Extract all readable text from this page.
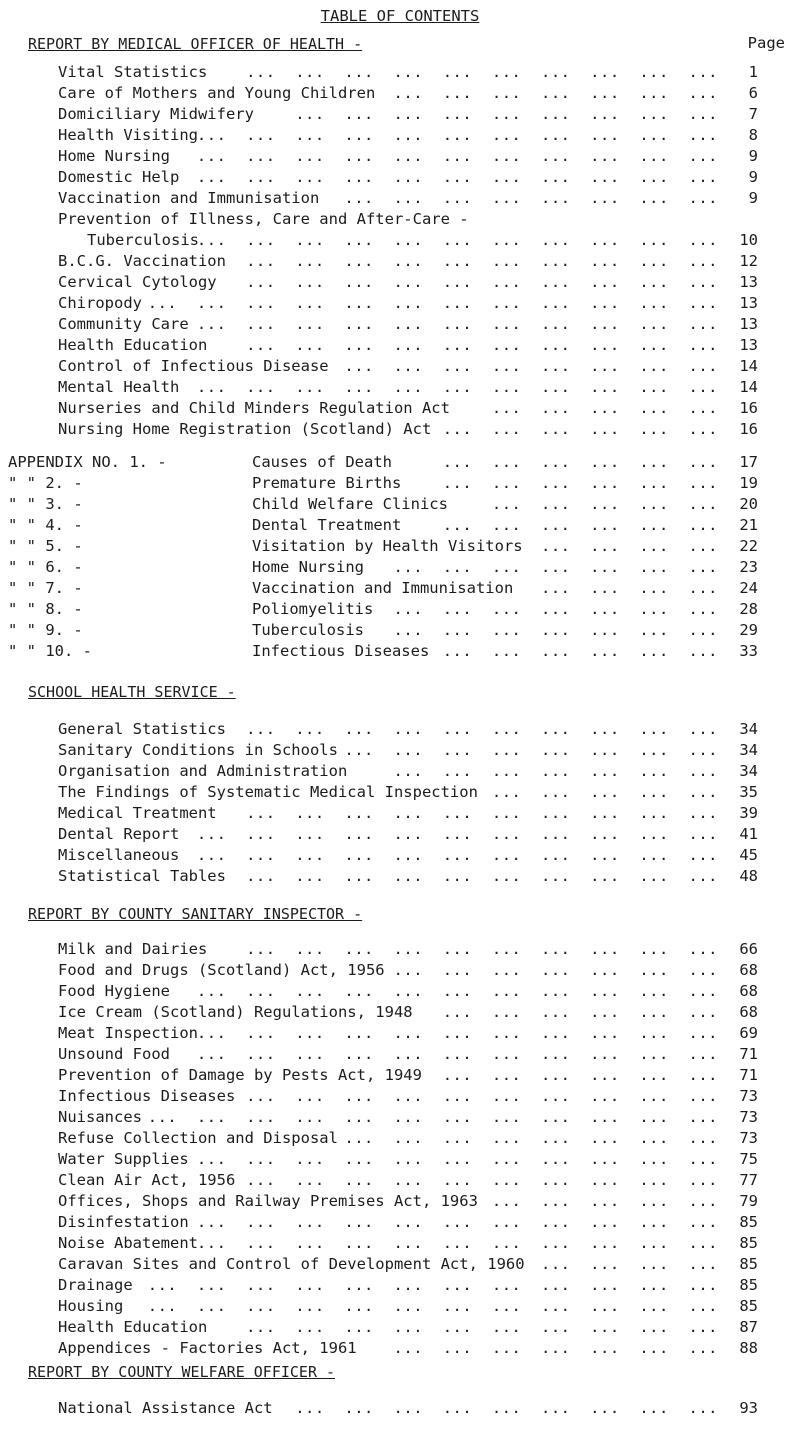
TABLE OF CONTENTS
REPORT BY MEDICAL OFFICER OF HEALTH -	Page
Vital Statistics	1
...  ...  ...  ...  ...  ...  ...  ...  ...  ...
Care of Mothers and Young Children	6
...  ...  ...  ...  ...  ...  ...
Domiciliary Midwifery	7
...  ...  ...  ...  ...  ...  ...  ...  ...
Health Visiting	8
...  ...  ...  ...  ...  ...  ...  ...  ...  ...  ...
Home Nursing	9
...  ...  ...  ...  ...  ...  ...  ...  ...  ...  ...
Domestic Help	9
...  ...  ...  ...  ...  ...  ...  ...  ...  ...  ...
Vaccination and Immunisation	9
...  ...  ...  ...  ...  ...  ...  ...
Prevention of Illness, Care and After-Care -
Tuberculosis	10
...  ...  ...  ...  ...  ...  ...  ...  ...  ...  ...
B.C.G. Vaccination	12
...  ...  ...  ...  ...  ...  ...  ...  ...  ...
Cervical Cytology	13
...  ...  ...  ...  ...  ...  ...  ...  ...  ...
Chiropody	13
...  ...  ...  ...  ...  ...  ...  ...  ...  ...  ...  ...
Community Care	13
...  ...  ...  ...  ...  ...  ...  ...  ...  ...  ...
Health Education	13
...  ...  ...  ...  ...  ...  ...  ...  ...  ...
Control of Infectious Disease	14
...  ...  ...  ...  ...  ...  ...  ...
Mental Health	14
...  ...  ...  ...  ...  ...  ...  ...  ...  ...  ...
Nurseries and Child Minders Regulation Act	16
...  ...  ...  ...  ...
Nursing Home Registration (Scotland) Act	16
...  ...  ...  ...  ...  ...
APPENDIX NO. 1. -	Causes of Death	17
...  ...  ...  ...  ...  ...
" " 2. -	Premature Births	19
...  ...  ...  ...  ...  ...
" " 3. -	Child Welfare Clinics	20
...  ...  ...  ...  ...
" " 4. -	Dental Treatment	21
...  ...  ...  ...  ...  ...
" " 5. -	Visitation by Health Visitors	22
...  ...  ...  ...
" " 6. -	Home Nursing	23
...  ...  ...  ...  ...  ...  ...
" " 7. -	Vaccination and Immunisation	24
...  ...  ...  ...
" " 8. -	Poliomyelitis	28
...  ...  ...  ...  ...  ...  ...
" " 9. -	Tuberculosis	29
...  ...  ...  ...  ...  ...  ...
" " 10. -	Infectious Diseases	33
...  ...  ...  ...  ...  ...
SCHOOL HEALTH SERVICE -
General Statistics	34
...  ...  ...  ...  ...  ...  ...  ...  ...  ...
Sanitary Conditions in Schools	34
...  ...  ...  ...  ...  ...  ...  ...
Organisation and Administration	34
...  ...  ...  ...  ...  ...  ...
The Findings of Systematic Medical Inspection	35
...  ...  ...  ...  ...
Medical Treatment	39
...  ...  ...  ...  ...  ...  ...  ...  ...  ...
Dental Report	41
...  ...  ...  ...  ...  ...  ...  ...  ...  ...  ...
Miscellaneous	45
...  ...  ...  ...  ...  ...  ...  ...  ...  ...  ...
Statistical Tables	48
...  ...  ...  ...  ...  ...  ...  ...  ...  ...
REPORT BY COUNTY SANITARY INSPECTOR -
Milk and Dairies	66
...  ...  ...  ...  ...  ...  ...  ...  ...  ...
Food and Drugs (Scotland) Act, 1956	68
...  ...  ...  ...  ...  ...  ...
Food Hygiene	68
...  ...  ...  ...  ...  ...  ...  ...  ...  ...  ...
Ice Cream (Scotland) Regulations, 1948	68
...  ...  ...  ...  ...  ...
Meat Inspection	69
...  ...  ...  ...  ...  ...  ...  ...  ...  ...  ...
Unsound Food	71
...  ...  ...  ...  ...  ...  ...  ...  ...  ...  ...
Prevention of Damage by Pests Act, 1949	71
...  ...  ...  ...  ...  ...
Infectious Diseases	73
...  ...  ...  ...  ...  ...  ...  ...  ...  ...
Nuisances	73
...  ...  ...  ...  ...  ...  ...  ...  ...  ...  ...  ...
Refuse Collection and Disposal	73
...  ...  ...  ...  ...  ...  ...  ...
Water Supplies	75
...  ...  ...  ...  ...  ...  ...  ...  ...  ...  ...
Clean Air Act, 1956	77
...  ...  ...  ...  ...  ...  ...  ...  ...  ...
Offices, Shops and Railway Premises Act, 1963	79
...  ...  ...  ...  ...
Disinfestation	85
...  ...  ...  ...  ...  ...  ...  ...  ...  ...  ...
Noise Abatement	85
...  ...  ...  ...  ...  ...  ...  ...  ...  ...  ...
Caravan Sites and Control of Development Act, 1960	85
...  ...  ...  ...
Drainage	85
...  ...  ...  ...  ...  ...  ...  ...  ...  ...  ...  ...
Housing	85
...  ...  ...  ...  ...  ...  ...  ...  ...  ...  ...  ...
Health Education	87
...  ...  ...  ...  ...  ...  ...  ...  ...  ...
Appendices - Factories Act, 1961	88
...  ...  ...  ...  ...  ...  ...
REPORT BY COUNTY WELFARE OFFICER -
National Assistance Act	93
...  ...  ...  ...  ...  ...  ...  ...  ...
